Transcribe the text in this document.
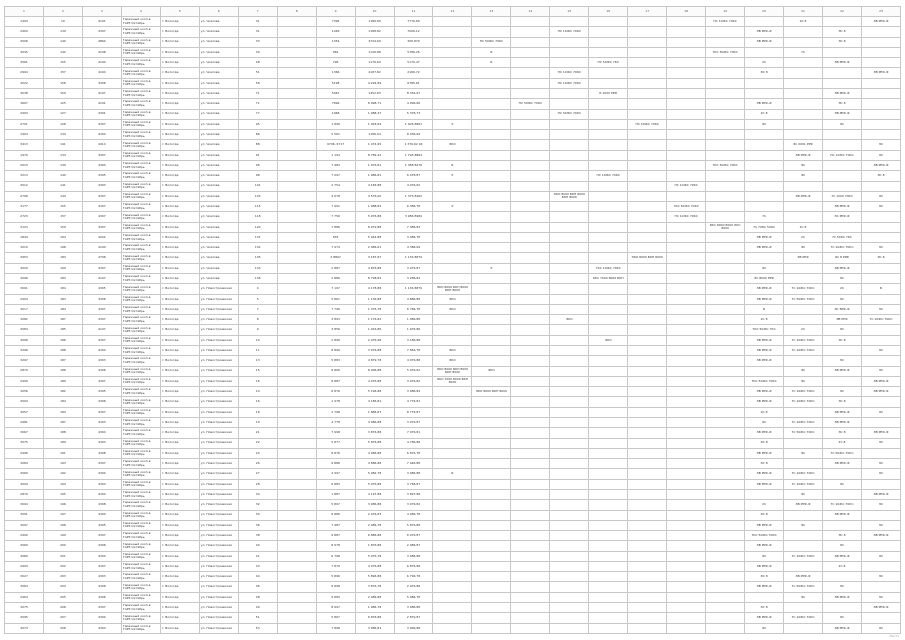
1	2	3	4	5	6	7	8	9	10	11	12	13	14	15	16	17	18	19	20	21	22	23
1494	10	4191	Гаражный кооп-в ГАРЗ Октябрь	г. Вологда	ул. Чкалова	31		7396	1186,89	7776,69								ПС 10ЖС 70КС		2С 8		ЭВ РРФ-Ф
2900	139	4397	Гаражный кооп-в ГАРЗ Октябрь	г. Вологда	ул. Чкалова	31		1446	1188,82	7006,12				ПС 10ЖС 70КС					ЭВ РРФ-Ф		ЭС 8	
3006	140	4864	Гаражный кооп-в ГАРЗ Октябрь	г. Вологда	ул. Чкалова	33		1354	3744,69	306 879		ПС 50ЖС 70КС							ЭВ РРФ-Ф		ЭС 8	
3045	142	4198	Гаражный кооп-в ГАРЗ Октябрь	г. Вологда	ул. Чкалова	34		982	1126,88	5786,26		Б						7КС 50ЖС 70КС		7С		
3561	155	4194	Гаражный кооп-в ГАРЗ Октябрь	г. Вологда	ул. Чкалова	48		796	1176,69	5179,47		Б			ПС 50ЖС 7КС				2С		ЭВ РРФ-Ф	
2994	157	4194	Гаражный кооп-в ГАРЗ Октябрь	г. Вологда	ул. Чкалова	51		1366	4187,82	2166,72				ПС 10ЖС 70КС					ЭС 8			ЭВ РРФ-Ф
3022	156	4396	Гаражный кооп-в ГАРЗ Октябрь	г. Вологда	ул. Чкалова	58		5198	4.294,89	6785,61				ПС 10ЖС 70КС								
4038	159	4197	Гаражный кооп-в ГАРЗ Октябрь	г. Вологда	ул. Чкалова	71		5467	1452,83	8 354,67					Б 1000 РРФ						ЭВ РРФ-Ф	
3607	125	4191	Гаражный кооп-в ГАРЗ Октябрь	г. Вологда	ул. Чкалова	71		7696	8 998,71	4 096,66			ПС 50ЖС 70КС						ЭВ РРФ-Ф		ЭС 8	
2993	127	4391	Гаражный кооп-в ГАРЗ Октябрь	г. Вологда	ул. Чкалова	77		1968	1 988,37	5 378,73				ПС 50ЖС 70КС					2С 8		ЭВ РРФ-Ф	
2701	128	4397	Гаражный кооп-в ГАРЗ Октябрь	г. Вологда	ул. Чкалова	95		1 896	1 993,69	1 006 8861	Р					ПС 50ЖС 70КС			ЭС		ЭС	
1904	134	4394	Гаражный кооп-в ГАРЗ Октябрь	г. Вологда	ул. Чкалова	86		5 561	1186,94	8 036,69												
3413	141	4414	Гаражный кооп-в ГАРЗ Октябрь	г. Вологда	ул. Чкалова	88		9796, 6717	1 474,95	1 376,62 94	ЭКО									ЭС 0001 РРФ		ЭС
1970	134	4397	Гаражный кооп-в ГАРЗ Октябрь	г. Вологда	ул. Чкалова	91		1 194	8 789,42	1 796 8864										ЭВ РРФ-Ф	ПС 10ЖС 70КС	ЭС
2013	139	4394	Гаражный кооп-в ГАРЗ Октябрь	г. Вологда	ул. Чкалова	96		7 984	1 976,81	1 388 8276	Б							7КС 50ЖС 70КС		ЭС		ЭВ РРФ-Ф
3213	140	4395	Гаражный кооп-в ГАРЗ Октябрь	г. Вологда	ул. Чкалова	98		7 097	1 986,81	6 078,87	Р				ПС 10ЖС 70КС					ЭС		ЭС 8
3012	141	4393	Гаражный кооп-в ГАРЗ Октябрь	г. Вологда	ул. Чкалова	101		2 754	4 183,88	4 976,62							ПС 10ЖС 70КС					
2796	144	4397	Гаражный кооп-в ГАРЗ Октябрь	г. Вологда	ул. Чкалова	103		4 678	4 576,00	1 376 8462				ЭКО 8000 БКН 8000 БКН 8000						ЭВ РРФ-Ф	7С 1000 70КС	ЭС
3177	155	4397	Гаражный кооп-в ГАРЗ Октябрь	г. Вологда	ул. Чкалова	115		7 991	1 988,82	6 386,78	Р						7КС 50ЖС 70КС				ЭВ РРФ-Ф	ЭС
2723	157	4397	Гаражный кооп-в ГАРЗ Октябрь	г. Вологда	ул. Чкалова	118		7 756	5 976,88	3 986 8984							ПС 10ЖС 70КС		7С		ЭС РРФ-Ф	
3123	159	4397	Гаражный кооп-в ГАРЗ Октябрь	г. Вологда	ул. Чкалова	120		7 886	8 979,88	7 086,83								8КС 8000 8000 ЛКС 8000	7С 70КС 50КС	2С 8		
1844	194	4202	Гаражный кооп-в ГАРЗ Октябрь	г. Вологда	ул. Чкалова	131		835	5 944,88	3 086,78									ЭВ РРФ-Ф	2С	7С 50КС 7КС	
3010	196	4194	Гаражный кооп-в ГАРЗ Октябрь	г. Вологда	ул. Чкалова	132		7 974	2 986,61	4 386,69									ЭВ РРФ-Ф	ЭС	7С 10ЖС 70КС	ЭС
3953	183	4796	Гаражный кооп-в ГАРЗ Октябрь	г. Вологда	ул. Чкалова	135		2 8897	3 187,87	1 136 8879						ЭКО 8000 БКН 8000				ЭВ РРФ	ЭС 8 РРФ	ЭС 8
3020	199	4397	Гаражный кооп-в ГАРЗ Октябрь	г. Вологда	ул. Чкалова	133		2 887	4 876,88	3 976,87		Р			7КС 10ЖС 70КС				ЭС		ЭВ РРФ-Ф	
3096	183	4197	Гаражный кооп-в ГАРЗ Октябрь	г. Вологда	ул. Чкалова	136		2 886	8 798,82	3 286,84					8КС 7000 8000 БКН				ЭС 8000 РРФ		ЭС	
3001	184	4395	Гаражный кооп-в ГАРЗ Октябрь	г. Вологда	ул. Новостроевская	4		7 197	4 178,88	1 136 8879	ЭКО 8000 БКН 8000 БКН 8000								ЭВ РРФ-Ф	7С 10ЖС 70КС	2С	Б
2904	183	4396	Гаражный кооп-в ГАРЗ Октябрь	г. Вологда	ул. Новостроевская	5		5 861	1 136,88	4 886,88	ЭКО								ЭВ РРФ-Ф	7С 50ЖС 70КС	ЭС	
3017	184	4397	Гаражный кооп-в ГАРЗ Октябрь	г. Вологда	ул. Новостроевская	7		7 796	1 376,78	6 786,78	ЭКО								Б		ЭС 8РФ-Ф	ЭС
3082	187	4397	Гаражный кооп-в ГАРЗ Октябрь	г. Вологда	ул. Новостроевская	8		3 893	1 176,82	1 986,88				ЭКО					2С 8		ЭВ РРФ	7С 10ЖС 70КС
3084	185	4197	Гаражный кооп-в ГАРЗ Октябрь	г. Вологда	ул. Новостроевская	9		3 856	1 916,86	1 976,86									7КС 50ЖС 7КС	2С	ЭС	
3096	186	4397	Гаражный кооп-в ГАРЗ Октябрь	г. Вологда	ул. Новостроевская	10		2 896	2 976,98	3 186,88					ЭКО				ЭВ РРФ-Ф	7С 10ЖС 70КС	ЭС 8	
3296	188	4394	Гаражный кооп-в ГАРЗ Октябрь	г. Вологда	ул. Новостроевская	11		8 896	3 976,88	7 846,78	ЭКО								ЭВ РРФ-Ф	7С 10ЖС 70КС		ЭС
3297	187	4393	Гаражный кооп-в ГАРЗ Октябрь	г. Вологда	ул. Новостроевская	13		5 883	4 879,78	4 976,88	ЭКО								ЭВ РРФ-Ф		ЭС	
2879	188	4396	Гаражный кооп-в ГАРЗ Октябрь	г. Вологда	ул. Новостроевская	15		8 806	8 906,88	5 976,62	ЭКО 8000 БКН 8000 БКН 8000	ЭКО								ЭС	ЭВ РРФ-Ф	ЭС
2999	189	4397	Гаражный кооп-в ГАРЗ Октябрь	г. Вологда	ул. Новостроевская	16		8 887	4 976,88	3 976,82	ЭКО 7000 8000 БКН 8000								7КС 50ЖС 70КС	ЭС		ЭВ РРФ-Ф
3056	182	4395	Гаражный кооп-в ГАРЗ Октябрь	г. Вологда	ул. Новостроевская	14		6 876	5 196,88	3 986,84		ЭКО 8000 БКН 8000							ЭВ РРФ-Ф	7С 10ЖС 70КС	ЭС	ЭВ РРФ-Ф
3094	184	4396	Гаражный кооп-в ГАРЗ Октябрь	г. Вологда	ул. Новостроевская	16		1 978	4 186,81	4 776,81									ЭВ РРФ-Ф	7С 10ЖС 70КС	ЭС 8	
3057	183	4397	Гаражный кооп-в ГАРЗ Октябрь	г. Вологда	ул. Новостроевская	18		2 798	1 886,87	8 776,87									2С 8		ЭВ РРФ-Ф	ЭС
2981	187	4393	Гаражный кооп-в ГАРЗ Октябрь	г. Вологда	ул. Новостроевская	19		4 778	4 986,88	3 976,87									ЭС	7С 10ЖС 70КС	ЭВ РРФ-Ф	
3067	188	4394	Гаражный кооп-в ГАРЗ Октябрь	г. Вологда	ул. Новостроевская	21		7 998	3 876,88	7 976,81									ЭВ РРФ-Ф	7С 50ЖС 70КС	ЭС 8	ЭВ РРФ-Ф
3075	189	4393	Гаражный кооп-в ГАРЗ Октябрь	г. Вологда	ул. Новостроевская	22		5 877	5 876,88	4 786,88									ЭС 8		2С 8	ЭС
2996	191	4398	Гаражный кооп-в ГАРЗ Октябрь	г. Вологда	ул. Новостроевская	24		8 876	4 986,88	6 876,78									ЭВ РРФ-Ф	ЭС	7С 50ЖС 70КС	
3084	193	4397	Гаражный кооп-в ГАРЗ Октябрь	г. Вологда	ул. Новостроевская	26		9 886	4 886,88	7 946,88									ЭС 8		ЭВ РРФ-Ф	ЭС
3069	192	4394	Гаражный кооп-в ГАРЗ Октябрь	г. Вологда	ул. Новостроевская	27		4 997	5 982,78	3 986,88	Б								ЭВ РРФ-Ф	7С 10ЖС 70КС		ЭС
3094	194	4393	Гаражный кооп-в ГАРЗ Октябрь	г. Вологда	ул. Новостроевская	28		6 883	5 976,88	3 768,87									ЭВ РРФ-Ф	7С 10ЖС 70КС	ЭС	
2879	195	4394	Гаражный кооп-в ГАРЗ Октябрь	г. Вологда	ул. Новостроевская	30		1 887	4 197,88	3 897,88										ЭС		ЭВ РРФ-Ф
3094	196	4398	Гаражный кооп-в ГАРЗ Октябрь	г. Вологда	ул. Новостроевская	32		5 897	3 986,88	3 976,82									2С	ЭВ РРФ-Ф	7С 10ЖС 70КС	ЭС
3001	197	4394	Гаражный кооп-в ГАРЗ Октябрь	г. Вологда	ул. Новостроевская	34		8 886	2 976,83	4 986,78									ЭС 8		ЭВ РРФ-Ф	
3097	198	4395	Гаражный кооп-в ГАРЗ Октябрь	г. Вологда	ул. Новостроевская	36		7 987	2 986,78	5 876,88									ЭВ РРФ-Ф	ЭС		ЭС
2990	199	4397	Гаражный кооп-в ГАРЗ Октябрь	г. Вологда	ул. Новостроевская	38		9 887	6 886,88	6 976,87									7КС 50ЖС 70КС		ЭС 8	ЭВ РРФ-Ф
3069	200	4396	Гаражный кооп-в ГАРЗ Октябрь	г. Вологда	ул. Новостроевская	40		8 978	1 876,88	2 986,87									ЭВ РРФ-Ф		ЭС	
3080	201	4394	Гаражный кооп-в ГАРЗ Октябрь	г. Вологда	ул. Новостроевская	41		6 798	5 976,78	3 986,88									ЭС	7С 10ЖС 70КС	ЭВ РРФ-Ф	ЭС
2993	202	4397	Гаражный кооп-в ГАРЗ Октябрь	г. Вологда	ул. Новостроевская	43		7 879	4 976,88	6 876,88									ЭВ РРФ-Ф		2С 8	
3027	203	4393	Гаражный кооп-в ГАРЗ Октябрь	г. Вологда	ул. Новостроевская	44		5 896	5 896,88	6 796,78									ЭС 8	ЭВ РРФ-Ф		ЭС
3064	204	4398	Гаражный кооп-в ГАРЗ Октябрь	г. Вологда	ул. Новостроевская	46		6 898	3 876,78	2 976,88									ЭВ РРФ-Ф	7С 50ЖС 70КС	ЭС	
2964	205	4396	Гаражный кооп-в ГАРЗ Октябрь	г. Вологда	ул. Новостроевская	48		9 883	2 986,88	5 986,78										ЭС	ЭВ РРФ-Ф	ЭС
3075	206	4397	Гаражный кооп-в ГАРЗ Октябрь	г. Вологда	ул. Новостроевская	49		8 997	1 986,78	3 986,88									ЭС 8			ЭВ РРФ-Ф
3095	207	4394	Гаражный кооп-в ГАРЗ Октябрь	г. Вологда	ул. Новостроевская	51		5 867	6 876,88	2 879,87									ЭВ РРФ-Ф	7С 10ЖС 70КС	ЭС	
3074	208	4393	Гаражный кооп-в ГАРЗ Октябрь	г. Вологда	ул. Новостроевская	53		7 898	3 986,81	3 996,88									ЭС		ЭВ РРФ-Ф	ЭС
Лист1
